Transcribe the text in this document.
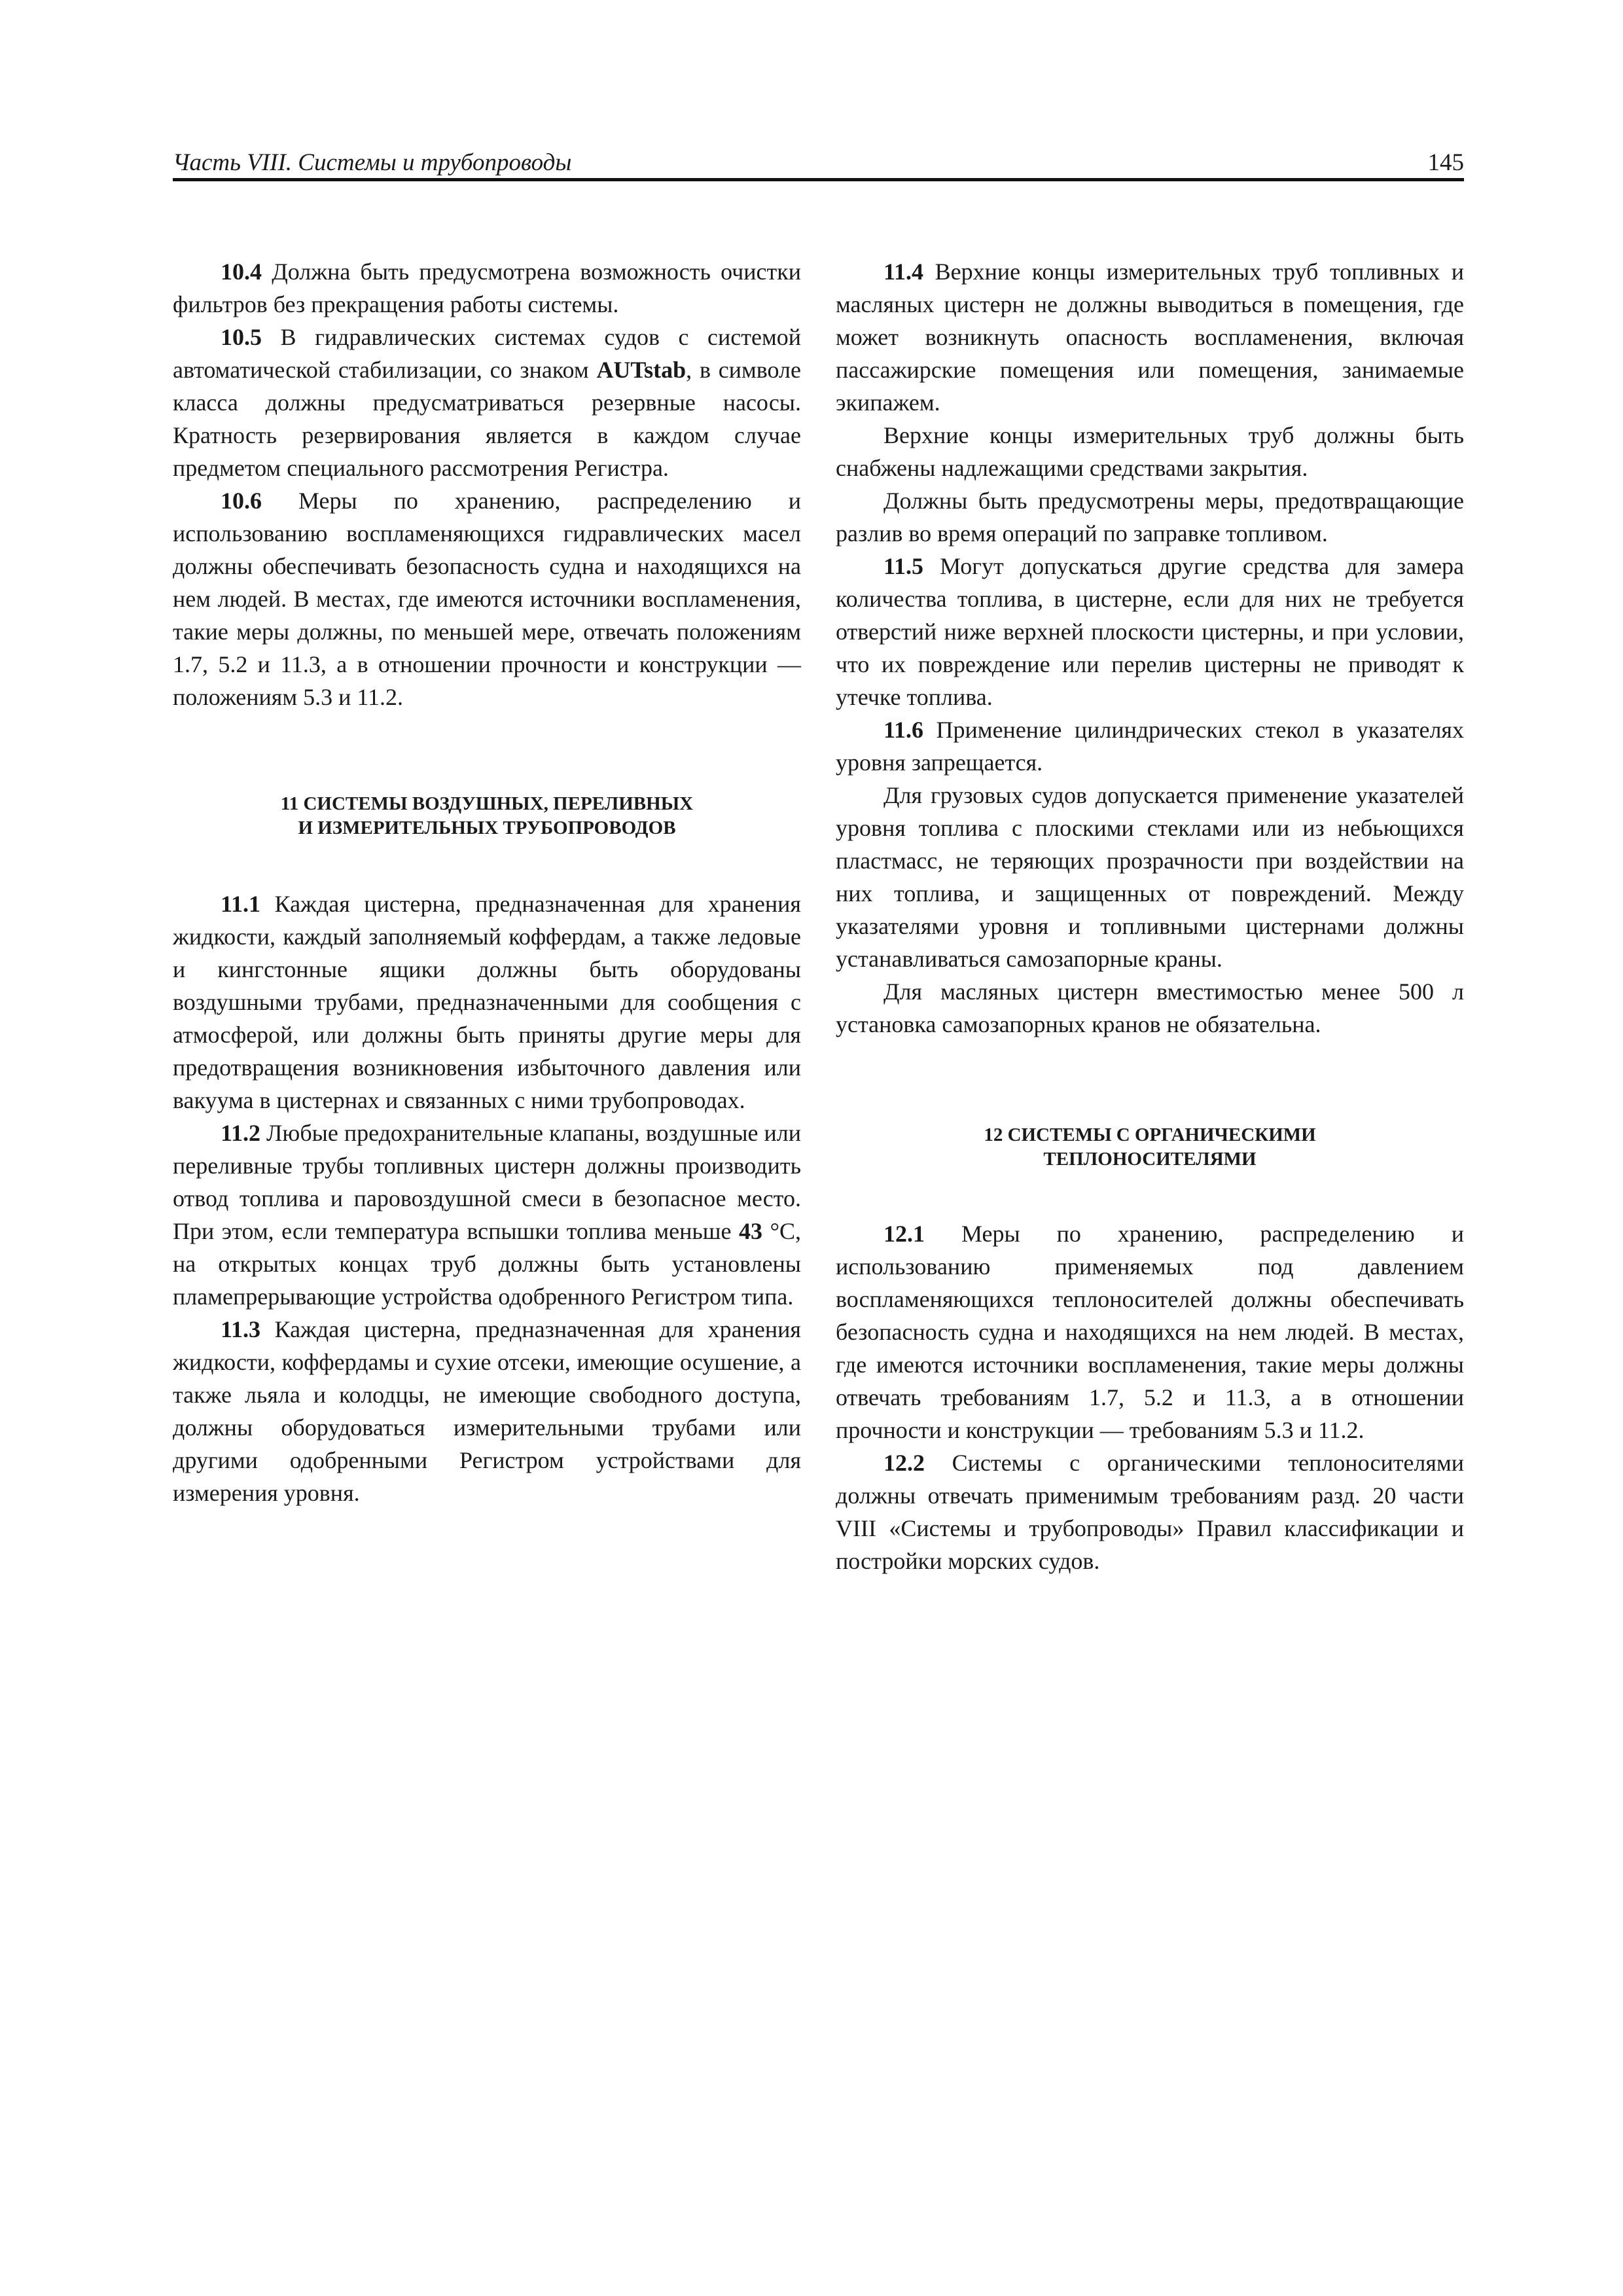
Часть VIII. Системы и трубопроводы	145

10.4 Должна быть предусмотрена возможность очистки фильтров без прекращения работы системы.

10.5 В гидравлических системах судов с системой автоматической стабилизации, со знаком AUTstab, в символе класса должны предусматриваться резервные насосы. Кратность резервирования является в каждом случае предметом специального рассмотрения Регистра.

10.6 Меры по хранению, распределению и использованию воспламеняющихся гидравлических масел должны обеспечивать безопасность судна и находящихся на нем людей. В местах, где имеются источники воспламенения, такие меры должны, по меньшей мере, отвечать положениям 1.7, 5.2 и 11.3, а в отношении прочности и конструкции — положениям 5.3 и 11.2.

11 СИСТЕМЫ ВОЗДУШНЫХ, ПЕРЕЛИВНЫХ
И ИЗМЕРИТЕЛЬНЫХ ТРУБОПРОВОДОВ

11.1 Каждая цистерна, предназначенная для хранения жидкости, каждый заполняемый коффердам, а также ледовые и кингстонные ящики должны быть оборудованы воздушными трубами, предназначенными для сообщения с атмосферой, или должны быть приняты другие меры для предотвращения возникновения избыточного давления или вакуума в цистернах и связанных с ними трубопроводах.

11.2 Любые предохранительные клапаны, воздушные или переливные трубы топливных цистерн должны производить отвод топлива и паровоздушной смеси в безопасное место. При этом, если температура вспышки топлива меньше 43 °С, на открытых концах труб должны быть установлены пламепрерывающие устройства одобренного Регистром типа.

11.3 Каждая цистерна, предназначенная для хранения жидкости, коффердамы и сухие отсеки, имеющие осушение, а также льяла и колодцы, не имеющие свободного доступа, должны оборудоваться измерительными трубами или другими одобренными Регистром устройствами для измерения уровня.

11.4 Верхние концы измерительных труб топливных и масляных цистерн не должны выводиться в помещения, где может возникнуть опасность воспламенения, включая пассажирские помещения или помещения, занимаемые экипажем.

Верхние концы измерительных труб должны быть снабжены надлежащими средствами закрытия.

Должны быть предусмотрены меры, предотвращающие разлив во время операций по заправке топливом.

11.5 Могут допускаться другие средства для замера количества топлива, в цистерне, если для них не требуется отверстий ниже верхней плоскости цистерны, и при условии, что их повреждение или перелив цистерны не приводят к утечке топлива.

11.6 Применение цилиндрических стекол в указателях уровня запрещается.

Для грузовых судов допускается применение указателей уровня топлива с плоскими стеклами или из небьющихся пластмасс, не теряющих прозрачности при воздействии на них топлива, и защищенных от повреждений. Между указателями уровня и топливными цистернами должны устанавливаться самозапорные краны.

Для масляных цистерн вместимостью менее 500 л установка самозапорных кранов не обязательна.

12 СИСТЕМЫ С ОРГАНИЧЕСКИМИ
ТЕПЛОНОСИТЕЛЯМИ

12.1 Меры по хранению, распределению и использованию применяемых под давлением воспламеняющихся теплоносителей должны обеспечивать безопасность судна и находящихся на нем людей. В местах, где имеются источники воспламенения, такие меры должны отвечать требованиям 1.7, 5.2 и 11.3, а в отношении прочности и конструкции — требованиям 5.3 и 11.2.

12.2 Системы с органическими теплоносителями должны отвечать применимым требованиям разд. 20 части VIII «Системы и трубопроводы» Правил классификации и постройки морских судов.
